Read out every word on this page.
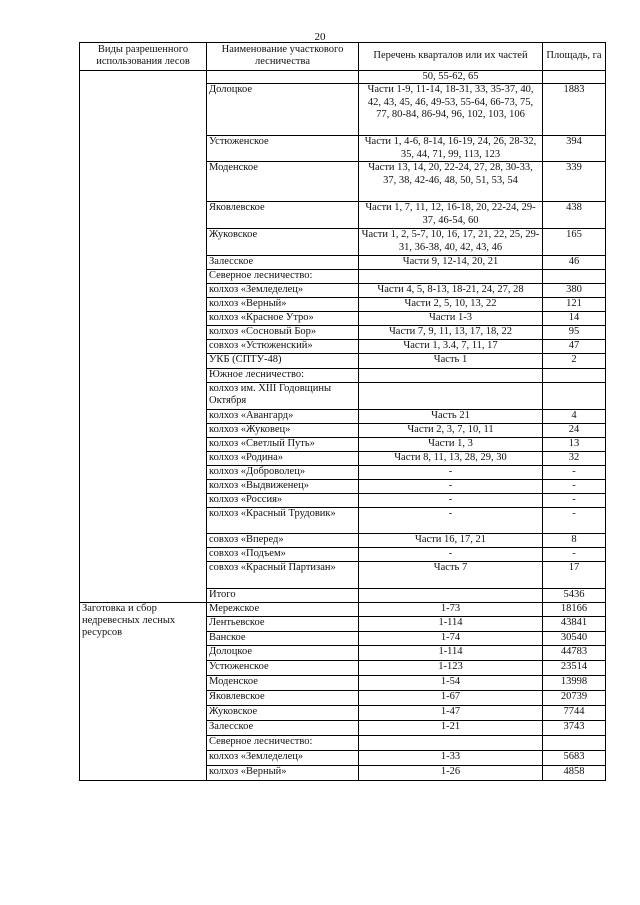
20
Виды разрешенного использования лесов	Наименование участкового лесничества	Перечень кварталов или их частей	Площадь, га
		50, 55-62, 65	
	Долоцкое	Части 1-9, 11-14, 18-31, 33, 35-37, 40, 42, 43, 45, 46, 49-53, 55-64, 66-73, 75, 77, 80-84, 86-94, 96, 102, 103, 106	1883
	Устюженское	Части 1, 4-6, 8-14, 16-19, 24, 26, 28-32, 35, 44, 71, 99, 113, 123	394
	Моденское	Части 13, 14, 20, 22-24, 27, 28, 30-33, 37, 38, 42-46, 48, 50, 51, 53, 54	339
	Яковлевское	Части 1, 7, 11, 12, 16-18, 20, 22-24, 29-37, 46-54, 60	438
	Жуковское	Части 1, 2, 5-7, 10, 16, 17, 21, 22, 25, 29-31, 36-38, 40, 42, 43, 46	165
	Залесское	Части 9, 12-14, 20, 21	46
	Северное лесничество:		
	колхоз «Земледелец»	Части 4, 5, 8-13, 18-21, 24, 27, 28	380
	колхоз «Верный»	Части 2, 5, 10, 13, 22	121
	колхоз «Красное Утро»	Части 1-3	14
	колхоз «Сосновый Бор»	Части 7, 9, 11, 13, 17, 18, 22	95
	совхоз «Устюженский»	Части 1, 3.4, 7, 11, 17	47
	УКБ (СПТУ-48)	Часть 1	2
	Южное лесничество:		
	колхоз им. XIII Годовщины Октября		
	колхоз «Авангард»	Часть 21	4
	колхоз «Жуковец»	Части 2, 3, 7, 10, 11	24
	колхоз «Светлый Путь»	Части 1, 3	13
	колхоз «Родина»	Части 8, 11, 13, 28, 29, 30	32
	колхоз «Доброволец»	-	-
	колхоз «Выдвиженец»	-	-
	колхоз «Россия»	-	-
	колхоз «Красный Трудовик»	-	-
	совхоз «Вперед»	Части 16, 17, 21	8
	совхоз «Подъем»	-	-
	совхоз «Красный Партизан»	Часть 7	17
	Итого		5436
Заготовка и сбор недревесных лесных ресурсов	Мережское	1-73	18166
	Лентьевское	1-114	43841
	Ванское	1-74	30540
	Долоцкое	1-114	44783
	Устюженское	1-123	23514
	Моденское	1-54	13998
	Яковлевское	1-67	20739
	Жуковское	1-47	7744
	Залесское	1-21	3743
	Северное лесничество:		
	колхоз «Земледелец»	1-33	5683
	колхоз «Верный»	1-26	4858
